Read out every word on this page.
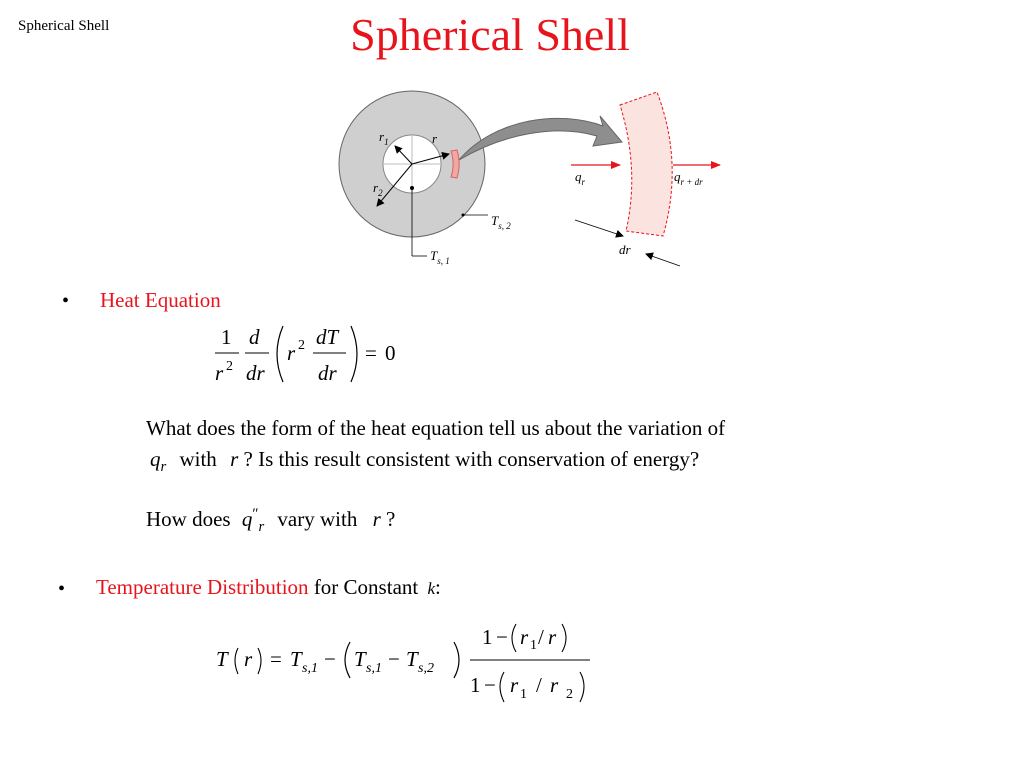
Spherical Shell	Spherical Shell
$r_1$	r
$r_2$
$T_{s, 2}$
$T_{s, 1}$
$q_r$	$q_{r + dr}$
dr
• Heat Equation
1
r 2
d
dr
r 2 dT
dr
= 0
What does the form of the heat equation tell us about the variation of
$q_r$ with r ? Is this result consistent with conservation of energy?
How does $q''_r$ vary with r ?
• Temperature Distribution for Constant k:
T r = T s,1 − T s,1 − T s,2
1 − r 1 / r
1 − r 1 / r 2
